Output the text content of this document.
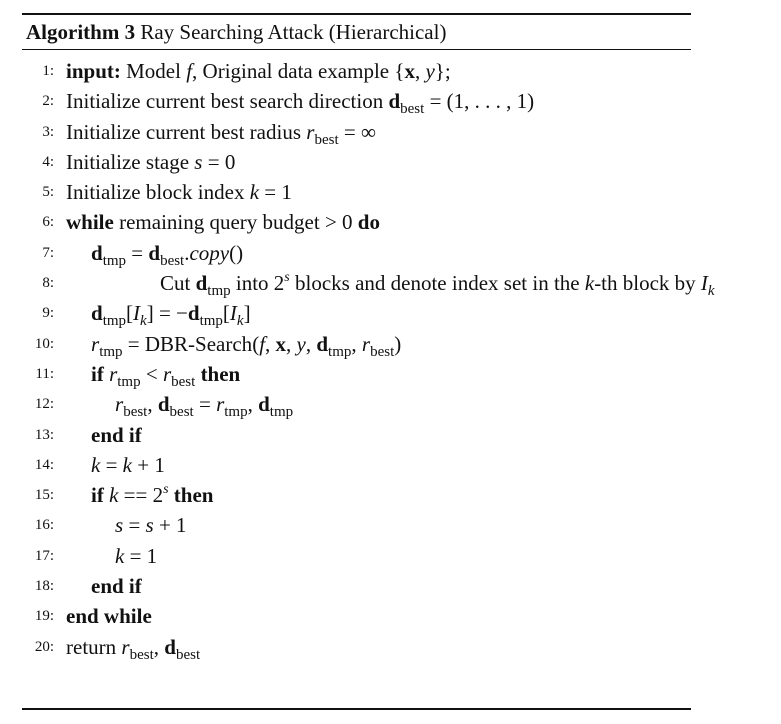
Algorithm 3 Ray Searching Attack (Hierarchical)
1: input: Model f, Original data example {x, y};
2: Initialize current best search direction $d_{best} = (1$, . . . , 1)
3: Initialize current best radius $r_{best}$ = ∞
4: Initialize stage s = 0
5: Initialize block index k = 1
6: while remaining query budget > 0 do
7: $d_{tmp}$ = $d_{best}.copy()$
8:	Cut $d_{tmp}$ into 2$^s$ blocks and denote index set in the k-th block by $I_k$
9: $d_{tmp}[I_k] = -d_{tmp}[I_k]$
10: $r_{tmp}$ = DBR-Search(f, x, y, $d_{tmp}$, $r_{best}$)
11: if $r_{tmp} < r_{best}$ then
12:	$r_{best}$, $d_{best} = r_{tmp}$, $d_{tmp}$
13: end if
14: k = k + 1
15: if $k == 2^s$ then
16:	s = s + 1
17:	k = 1
18: end if
19: end while
20: return $r_{best}$, $d_{best}$
